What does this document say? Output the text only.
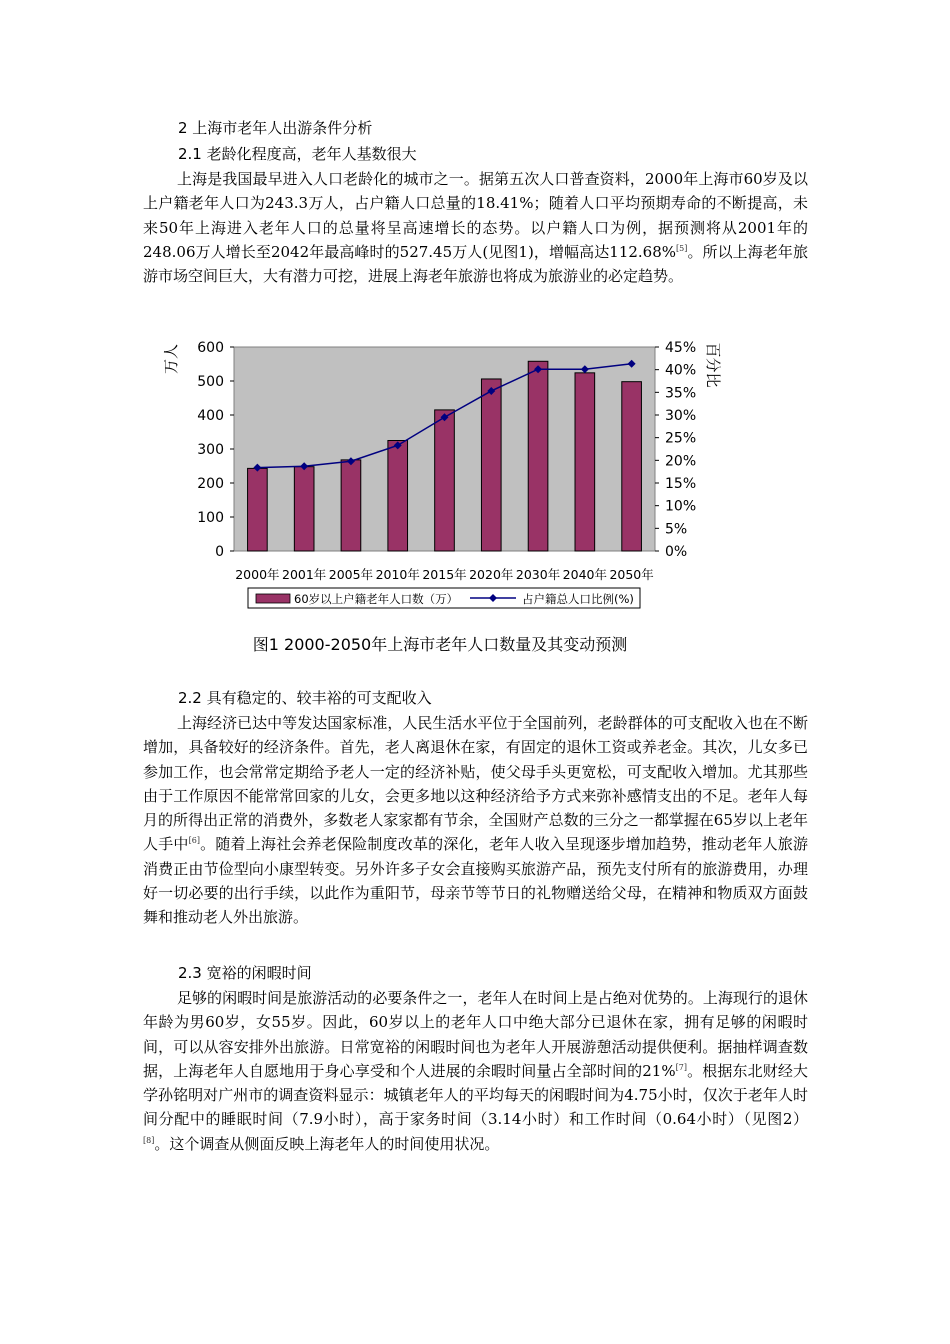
2 上海市老年人出游条件分析
2.1 老龄化程度高，老年人基数很大
上海是我国最早进入人口老龄化的城市之一。据第五次人口普查资料，2000年上海市60岁及以上户籍老年人口为243.3万人，占户籍人口总量的18.41%；随着人口平均预期寿命的不断提高，未来50年上海进入老年人口的总量将呈高速增长的态势。以户籍人口为例，据预测将从2001年的248.06万人增长至2042年最高峰时的527.45万人(见图1)，增幅高达112.68%[5]。所以上海老年旅游市场空间巨大，大有潜力可挖，进展上海老年旅游也将成为旅游业的必定趋势。
0
100
200
300
400
500
600
0%
5%
10%
15%
20%
25%
30%
35%
40%
45%
万人	百分比
2000年 2001年 2005年 2010年 2015年 2020年 2030年 2040年 2050年
60岁以上户籍老年人口数（万）	占户籍总人口比例(%)
图1 2000-2050年上海市老年人口数量及其变动预测
2.2 具有稳定的、较丰裕的可支配收入
上海经济已达中等发达国家标准，人民生活水平位于全国前列，老龄群体的可支配收入也在不断增加，具备较好的经济条件。首先，老人离退休在家，有固定的退休工资或养老金。其次，儿女多已参加工作，也会常常定期给予老人一定的经济补贴，使父母手头更宽松，可支配收入增加。尤其那些由于工作原因不能常常回家的儿女，会更多地以这种经济给予方式来弥补感情支出的不足。老年人每月的所得出正常的消费外，多数老人家家都有节余，全国财产总数的三分之一都掌握在65岁以上老年人手中[6]。随着上海社会养老保险制度改革的深化，老年人收入呈现逐步增加趋势，推动老年人旅游消费正由节俭型向小康型转变。另外许多子女会直接购买旅游产品，预先支付所有的旅游费用，办理好一切必要的出行手续，以此作为重阳节，母亲节等节日的礼物赠送给父母，在精神和物质双方面鼓舞和推动老人外出旅游。
2.3 宽裕的闲暇时间
足够的闲暇时间是旅游活动的必要条件之一，老年人在时间上是占绝对优势的。上海现行的退休年龄为男60岁，女55岁。因此，60岁以上的老年人口中绝大部分已退休在家，拥有足够的闲暇时间，可以从容安排外出旅游。日常宽裕的闲暇时间也为老年人开展游憩活动提供便利。据抽样调查数据，上海老年人自愿地用于身心享受和个人进展的余暇时间量占全部时间的21%[7]。根据东北财经大学孙铭明对广州市的调查资料显示：城镇老年人的平均每天的闲暇时间为4.75小时，仅次于老年人时间分配中的睡眠时间（7.9小时），高于家务时间（3.14小时）和工作时间（0.64小时）（见图2）[8]。这个调查从侧面反映上海老年人的时间使用状况。
